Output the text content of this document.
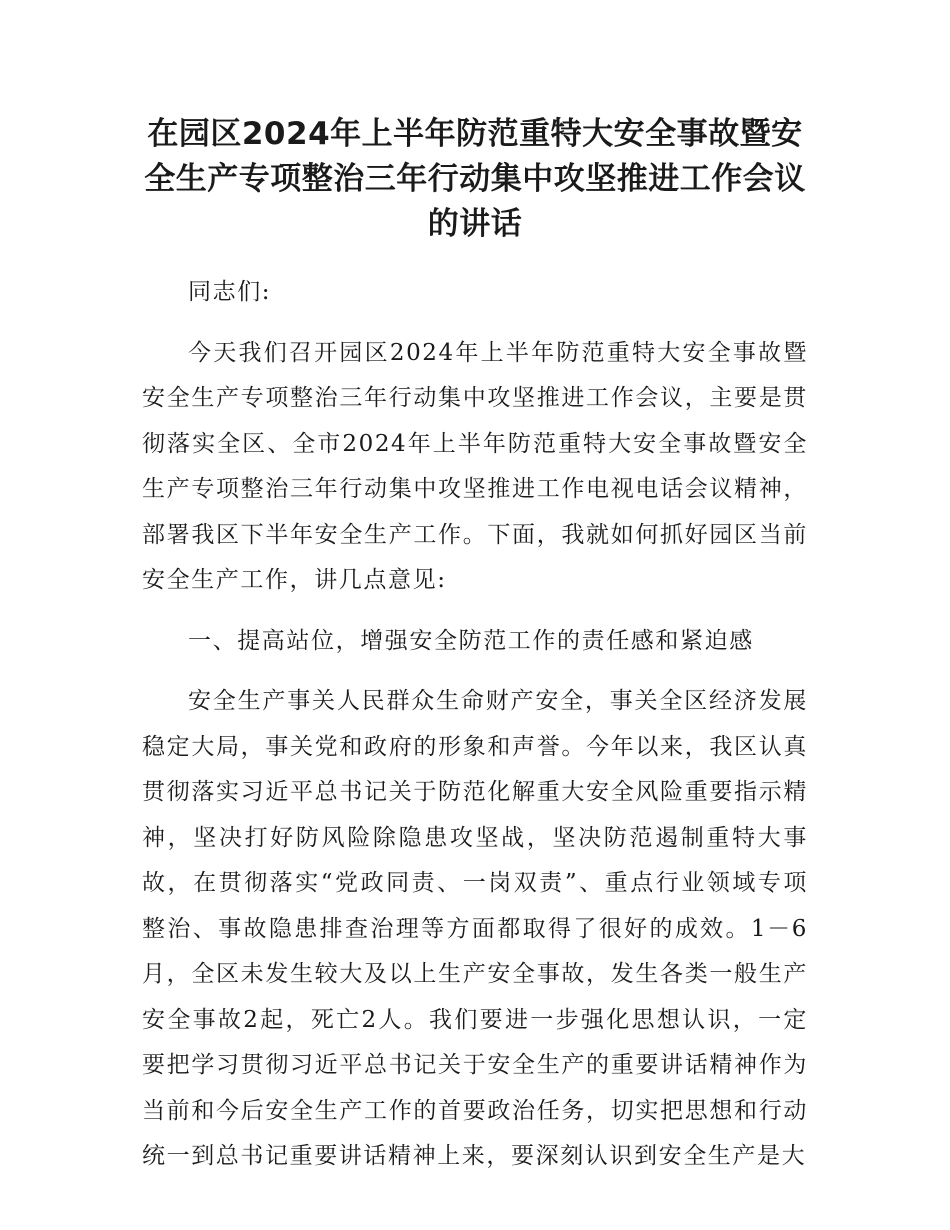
在园区2024年上半年防范重特大安全事故暨安全生产专项整治三年行动集中攻坚推进工作会议的讲话

同志们:

今天我们召开园区2024年上半年防范重特大安全事故暨安全生产专项整治三年行动集中攻坚推进工作会议，主要是贯彻落实全区、全市2024年上半年防范重特大安全事故暨安全生产专项整治三年行动集中攻坚推进工作电视电话会议精神，部署我区下半年安全生产工作。下面，我就如何抓好园区当前安全生产工作，讲几点意见:

一、提高站位，增强安全防范工作的责任感和紧迫感

安全生产事关人民群众生命财产安全，事关全区经济发展稳定大局，事关党和政府的形象和声誉。今年以来，我区认真贯彻落实习近平总书记关于防范化解重大安全风险重要指示精神，坚决打好防风险除隐患攻坚战，坚决防范遏制重特大事故，在贯彻落实“党政同责、一岗双责”、重点行业领域专项整治、事故隐患排查治理等方面都取得了很好的成效。1－6月，全区未发生较大及以上生产安全事故，发生各类一般生产安全事故2起，死亡2人。我们要进一步强化思想认识，一定要把学习贯彻习近平总书记关于安全生产的重要讲话精神作为当前和今后安全生产工作的首要政治任务，切实把思想和行动统一到总书记重要讲话精神上来，要深刻认识到安全生产是大
